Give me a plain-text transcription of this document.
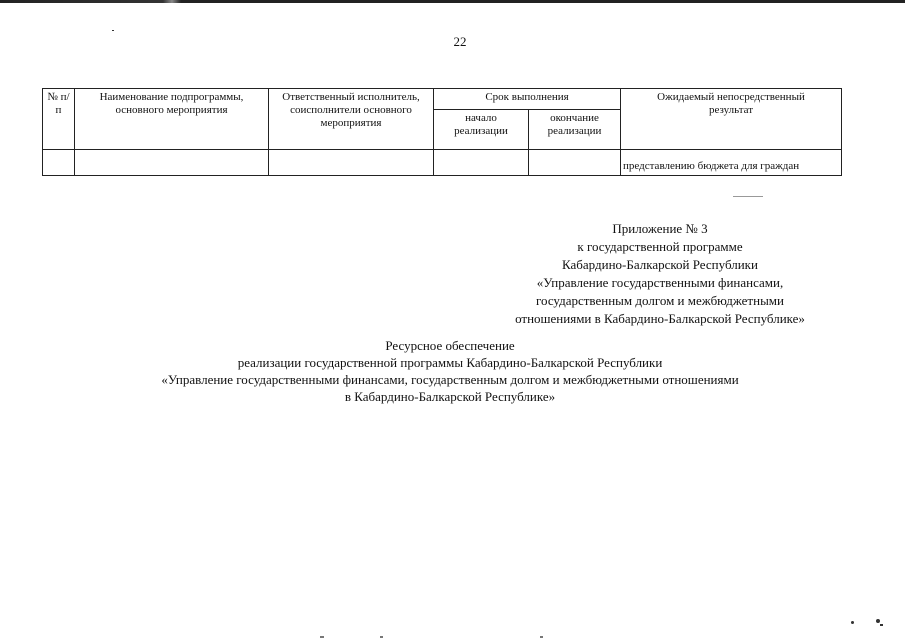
22
№ п/п	Наименование подпрограммы, основного мероприятия	Ответственный исполнитель, соисполнители основного мероприятия	Срок выполнения		Ожидаемый непосредственный результат
			начало реализации	окончание реализации	
					представлению бюджета для граждан
Приложение № 3
к государственной программе
Кабардино-Балкарской Республики
«Управление государственными финансами,
государственным долгом и межбюджетными
отношениями в Кабардино-Балкарской Республике»
Ресурсное обеспечение
реализации государственной программы Кабардино-Балкарской Республики
«Управление государственными финансами, государственным долгом и межбюджетными отношениями
в Кабардино-Балкарской Республике»
